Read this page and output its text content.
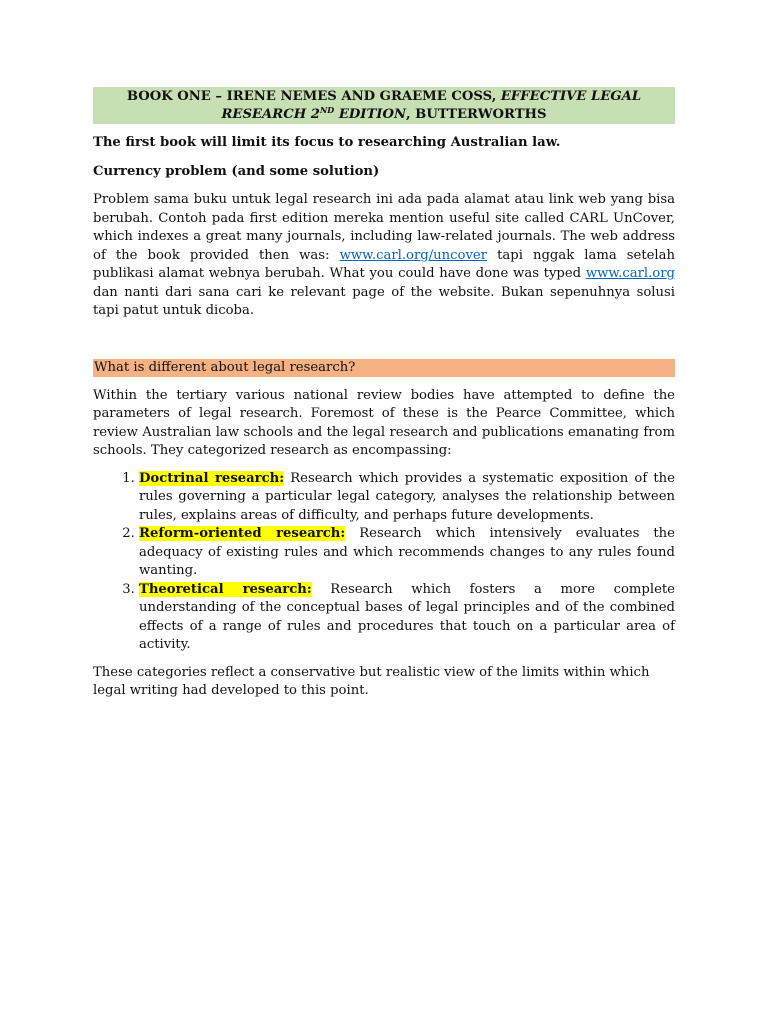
BOOK ONE – IRENE NEMES AND GRAEME COSS, EFFECTIVE LEGAL RESEARCH 2ND EDITION, BUTTERWORTHS
The first book will limit its focus to researching Australian law.
Currency problem (and some solution)

Problem sama buku untuk legal research ini ada pada alamat atau link web yang bisa berubah. Contoh pada first edition mereka mention useful site called CARL UnCover, which indexes a great many journals, including law-related journals. The web address of the book provided then was: www.carl.org/uncover tapi nggak lama setelah publikasi alamat webnya berubah. What you could have done was typed www.carl.org dan nanti dari sana cari ke relevant page of the website. Bukan sepenuhnya solusi tapi patut untuk dicoba.

What is different about legal research?

Within the tertiary various national review bodies have attempted to define the parameters of legal research. Foremost of these is the Pearce Committee, which review Australian law schools and the legal research and publications emanating from schools. They categorized research as encompassing:

1. Doctrinal research: Research which provides a systematic exposition of the rules governing a particular legal category, analyses the relationship between rules, explains areas of difficulty, and perhaps future developments.
2. Reform-oriented research: Research which intensively evaluates the adequacy of existing rules and which recommends changes to any rules found wanting.
3. Theoretical research: Research which fosters a more complete understanding of the conceptual bases of legal principles and of the combined effects of a range of rules and procedures that touch on a particular area of activity.

These categories reflect a conservative but realistic view of the limits within which legal writing had developed to this point.
